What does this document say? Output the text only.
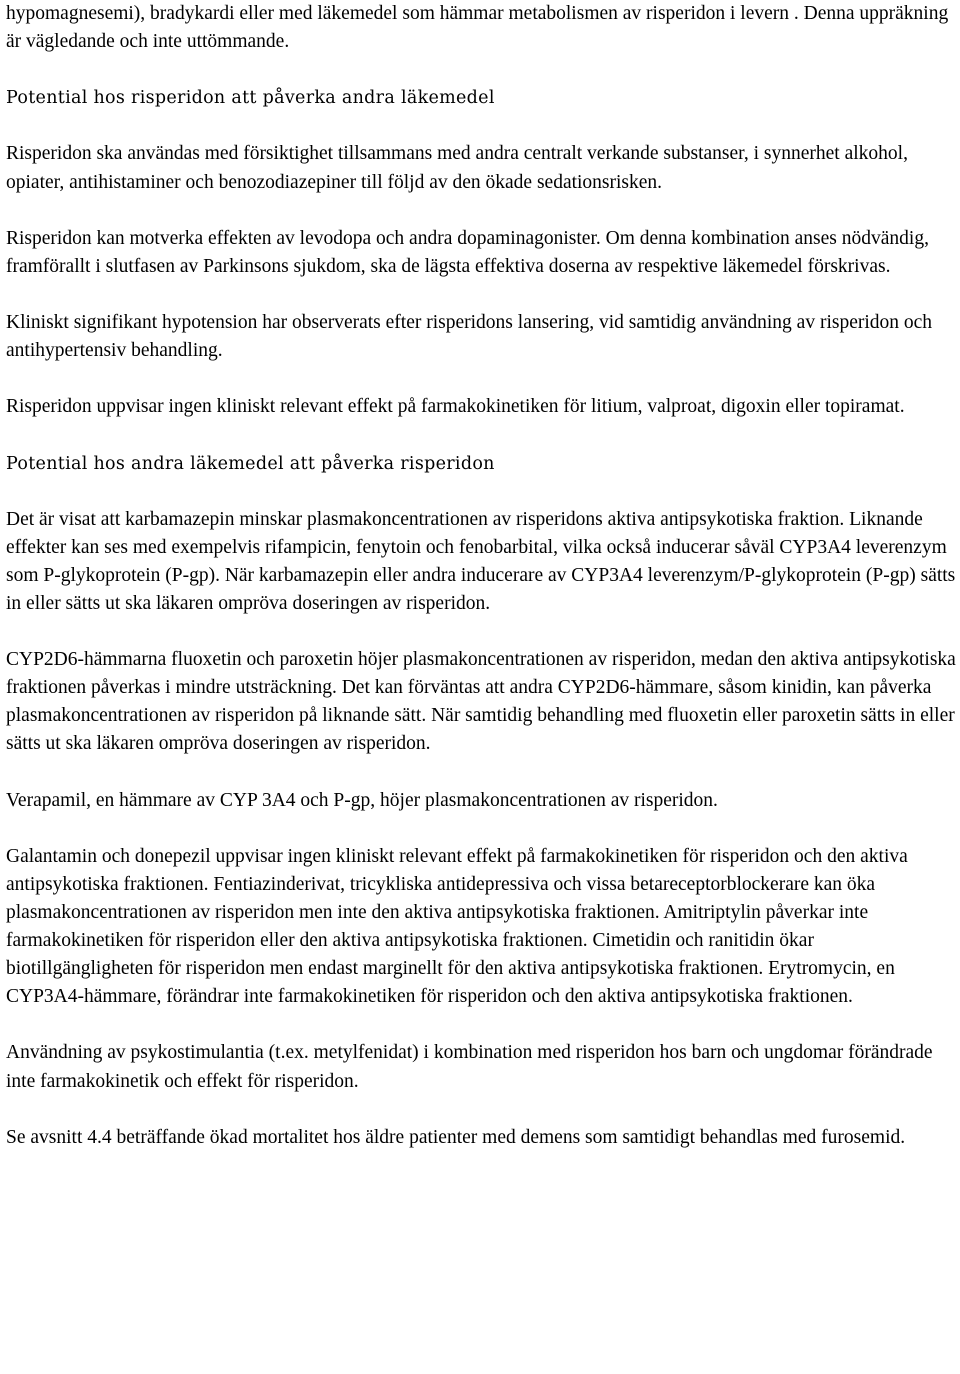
hypomagnesemi), bradykardi eller med läkemedel som hämmar metabolismen av risperidon i levern . Denna uppräkning är vägledande och inte uttömmande.

Potential hos risperidon att påverka andra läkemedel

Risperidon ska användas med försiktighet tillsammans med andra centralt verkande substanser, i synnerhet alkohol, opiater, antihistaminer och benozodiazepiner till följd av den ökade sedationsrisken.

Risperidon kan motverka effekten av levodopa och andra dopaminagonister. Om denna kombination anses nödvändig, framförallt i slutfasen av Parkinsons sjukdom, ska de lägsta effektiva doserna av respektive läkemedel förskrivas.

Kliniskt signifikant hypotension har observerats efter risperidons lansering, vid samtidig användning av risperidon och antihypertensiv behandling.

Risperidon uppvisar ingen kliniskt relevant effekt på farmakokinetiken för litium, valproat, digoxin eller topiramat.

Potential hos andra läkemedel att påverka risperidon

Det är visat att karbamazepin minskar plasmakoncentrationen av risperidons aktiva antipsykotiska fraktion. Liknande effekter kan ses med exempelvis rifampicin, fenytoin och fenobarbital, vilka också inducerar såväl CYP3A4 leverenzym som P-glykoprotein (P-gp). När karbamazepin eller andra inducerare av CYP3A4 leverenzym/P-glykoprotein (P-gp) sätts in eller sätts ut ska läkaren ompröva doseringen av risperidon.

CYP2D6-hämmarna fluoxetin och paroxetin höjer plasmakoncentrationen av risperidon, medan den aktiva antipsykotiska fraktionen påverkas i mindre utsträckning. Det kan förväntas att andra CYP2D6-hämmare, såsom kinidin, kan påverka plasmakoncentrationen av risperidon på liknande sätt. När samtidig behandling med fluoxetin eller paroxetin sätts in eller sätts ut ska läkaren ompröva doseringen av risperidon.

Verapamil, en hämmare av CYP 3A4 och P-gp, höjer plasmakoncentrationen av risperidon.

Galantamin och donepezil uppvisar ingen kliniskt relevant effekt på farmakokinetiken för risperidon och den aktiva antipsykotiska fraktionen. Fentiazinderivat, tricykliska antidepressiva och vissa betareceptorblockerare kan öka plasmakoncentrationen av risperidon men inte den aktiva antipsykotiska fraktionen. Amitriptylin påverkar inte farmakokinetiken för risperidon eller den aktiva antipsykotiska fraktionen. Cimetidin och ranitidin ökar biotillgängligheten för risperidon men endast marginellt för den aktiva antipsykotiska fraktionen. Erytromycin, en CYP3A4-hämmare, förändrar inte farmakokinetiken för risperidon och den aktiva antipsykotiska fraktionen.

Användning av psykostimulantia (t.ex. metylfenidat) i kombination med risperidon hos barn och ungdomar förändrade inte farmakokinetik och effekt för risperidon.

Se avsnitt 4.4 beträffande ökad mortalitet hos äldre patienter med demens som samtidigt behandlas med furosemid.
